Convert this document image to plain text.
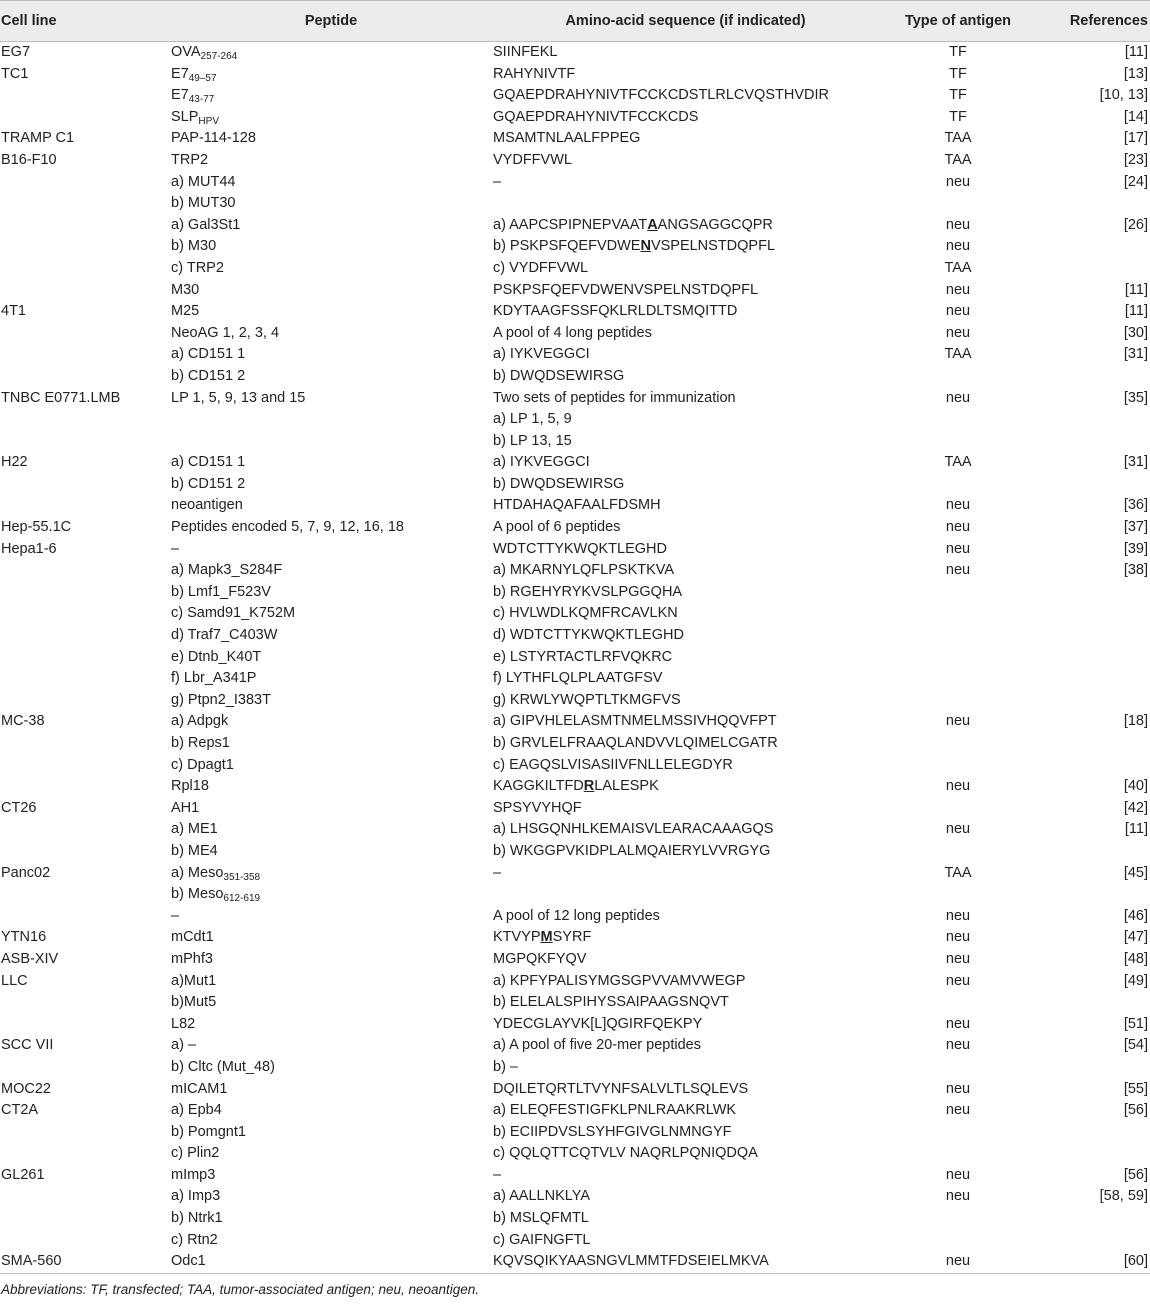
Cell line	Peptide	Amino-acid sequence (if indicated)	Type of antigen	References
EG7	$OVA_{257-264}$	SIINFEKL	TF	[11]
TC1	$E7_{49-57}$	RAHYNIVTF	TF	[13]
	$E7_{43-77}$	GQAEPDRAHYNIVTFCCKCDSTLRLCVQSTHVDIR	TF	[10, 13]
	$SLP_{HPV}$	GQAEPDRAHYNIVTFCCKCDS	TF	[14]
TRAMP C1	PAP-114-128	MSAMTNLAALFPPEG	TAA	[17]
B16-F10	TRP2	VYDFFVWL	TAA	[23]
	a) MUT44	–	neu	[24]
	b) MUT30			
	a) Gal3St1	a) AAPCSPIPNEPVAATAANGSAGGCQPR	neu	[26]
	b) M30	b) PSKPSFQEFVDWENVSPELNSTDQPFL	neu	
	c) TRP2	c) VYDFFVWL	TAA	
	M30	PSKPSFQEFVDWENVSPELNSTDQPFL	neu	[11]
4T1	M25	KDYTAAGFSSFQKLRLDLTSMQITTD	neu	[11]
	NeoAG 1, 2, 3, 4	A pool of 4 long peptides	neu	[30]
	a) CD151 1	a) IYKVEGGCI	TAA	[31]
	b) CD151 2	b) DWQDSEWIRSG		
TNBC E0771.LMB	LP 1, 5, 9, 13 and 15	Two sets of peptides for immunization	neu	[35]
		a) LP 1, 5, 9		
		b) LP 13, 15		
H22	a) CD151 1	a) IYKVEGGCI	TAA	[31]
	b) CD151 2	b) DWQDSEWIRSG		
	neoantigen	HTDAHAQAFAALFDSMH	neu	[36]
Hep-55.1C	Peptides encoded 5, 7, 9, 12, 16, 18	A pool of 6 peptides	neu	[37]
Hepa1-6	–	WDTCTTYKWQKTLEGHD	neu	[39]
	a) Mapk3_S284F	a) MKARNYLQFLPSKTKVA	neu	[38]
	b) Lmf1_F523V	b) RGEHYRYKVSLPGGQHA		
	c) Samd91_K752M	c) HVLWDLKQMFRCAVLKN		
	d) Traf7_C403W	d) WDTCTTYKWQKTLEGHD		
	e) Dtnb_K40T	e) LSTYRTACTLRFVQKRC		
	f) Lbr_A341P	f) LYTHFLQLPLAATGFSV		
	g) Ptpn2_I383T	g) KRWLYWQPTLTKMGFVS		
MC-38	a) Adpgk	a) GIPVHLELASMTNMELMSSIVHQQVFPT	neu	[18]
	b) Reps1	b) GRVLELFRAAQLANDVVLQIMELCGATR		
	c) Dpagt1	c) EAGQSLVISASIIVFNLLELEGDYR		
	Rpl18	KAGGKILTFDRLALESPK	neu	[40]
CT26	AH1	SPSYVYHQF		[42]
	a) ME1	a) LHSGQNHLKEMAISVLEARACAAAGQS	neu	[11]
	b) ME4	b) WKGGPVKIDPLALMQAIERYLVVRGYG		
Panc02	a) Meso$_{351-358}$	–	TAA	[45]
	b) Meso$_{612-619}$			
	–	A pool of 12 long peptides	neu	[46]
YTN16	mCdt1	KTVYPMSYRF	neu	[47]
ASB-XIV	mPhf3	MGPQKFYQV	neu	[48]
LLC	a)Mut1	a) KPFYPALISYMGSGPVVAMVWEGP	neu	[49]
	b)Mut5	b) ELELALSPIHYSSAIPAAGSNQVT		
	L82	YDECGLAYVK[L]QGIRFQEKPY	neu	[51]
SCC VII	a) –	a) A pool of five 20-mer peptides	neu	[54]
	b) Cltc (Mut_48)	b) –		
MOC22	mICAM1	DQILETQRTLTVYNFSALVLTLSQLEVS	neu	[55]
CT2A	a) Epb4	a) ELEQFESTIGFKLPNLRAAKRLWK	neu	[56]
	b) Pomgnt1	b) ECIIPDVSLSYHFGIVGLNMNGYF		
	c) Plin2	c) QQLQTTCQTVLV NAQRLPQNIQDQA		
GL261	mImp3	–	neu	[56]
	a) Imp3	a) AALLNKLYA	neu	[58, 59]
	b) Ntrk1	b) MSLQFMTL		
	c) Rtn2	c) GAIFNGFTL		
SMA-560	Odc1	KQVSQIKYAASNGVLMMTFDSEIELMKVA	neu	[60]
Abbreviations: TF, transfected; TAA, tumor-associated antigen; neu, neoantigen.
